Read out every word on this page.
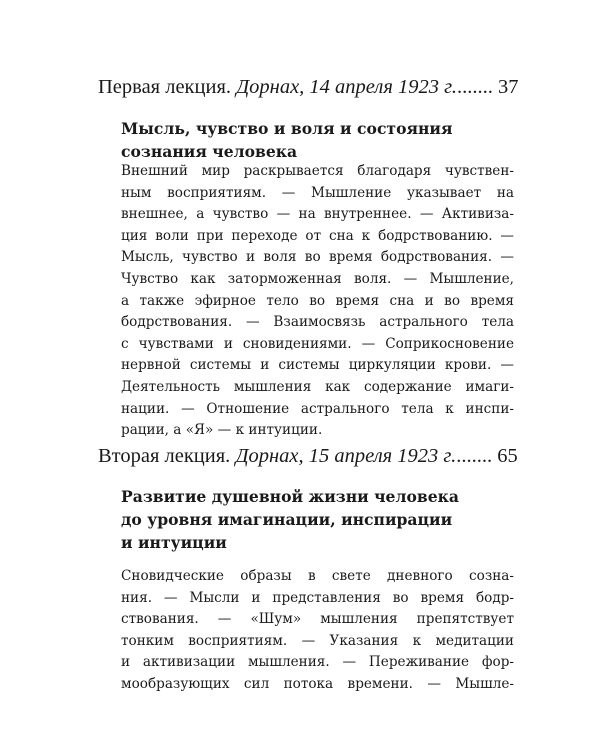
Первая лекция. Дорнах, 14 апреля 1923 г. ....... 37
Мысль, чувство и воля и состояния
сознания человека
Внешний мир раскрывается благодаря чувствен-
ным восприятиям. — Мышление указывает на
внешнее, а чувство — на внутреннее. — Активиза-
ция воли при переходе от сна к бодрствованию. —
Мысль, чувство и воля во время бодрствования. —
Чувство как заторможенная воля. — Мышление,
а также эфирное тело во время сна и во время
бодрствования. — Взаимосвязь астрального тела
с чувствами и сновидениями. — Соприкосновение
нервной системы и системы циркуляции крови. —
Деятельность мышления как содержание имаги-
нации. — Отношение астрального тела к инспи-
рации, а «Я» — к интуиции.
Вторая лекция. Дорнах, 15 апреля 1923 г. ....... 65
Развитие душевной жизни человека
до уровня имагинации, инспирации
и интуиции
Сновидческие образы в свете дневного созна-
ния. — Мысли и представления во время бодр-
ствования. — «Шум» мышления препятствует
тонким восприятиям. — Указания к медитации
и активизации мышления. — Переживание фор-
мообразующих сил потока времени. — Мышле-
